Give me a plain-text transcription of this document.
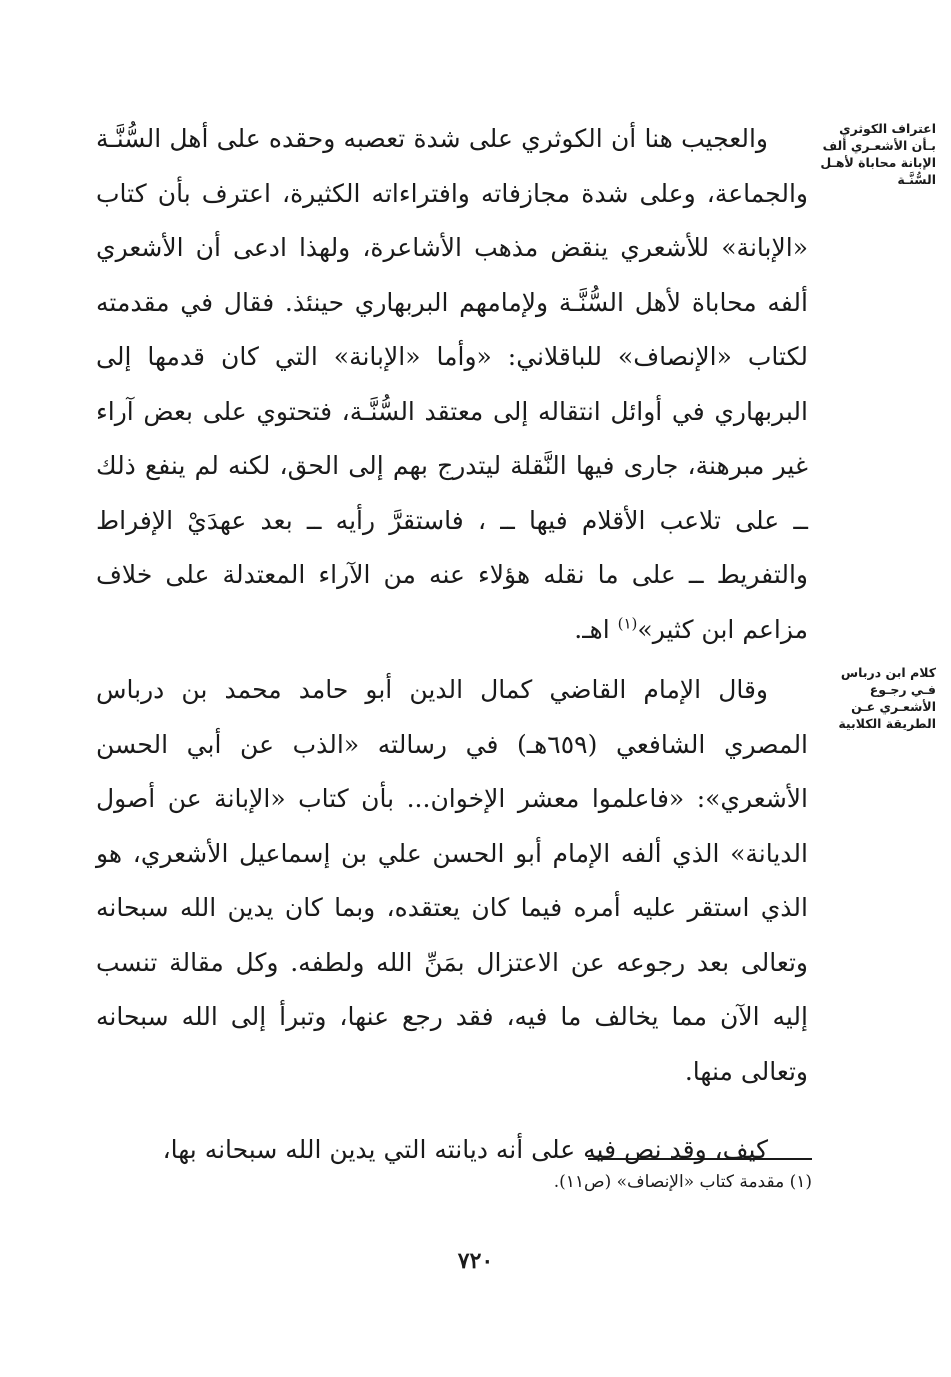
اعتراف الكوثري بـأن الأشعـري ألف الإبانة محاباة لأهـل السُّنَّـة
كلام ابن درباس فـي رجـوع الأشعـري عـن الطريقة الكلابية

والعجيب هنا أن الكوثري على شدة تعصبه وحقده على أهل السُّنَّـة والجماعة، وعلى شدة مجازفاته وافتراءاته الكثيرة، اعترف بأن كتاب «الإبانة» للأشعري ينقض مذهب الأشاعرة، ولهذا ادعى أن الأشعري ألفه محاباة لأهل السُّنَّـة ولإمامهم البربهاري حينئذ. فقال في مقدمته لكتاب «الإنصاف» للباقلاني: «وأما «الإبانة» التي كان قدمها إلى البربهاري في أوائل انتقاله إلى معتقد السُّنَّـة، فتحتوي على بعض آراء غير مبرهنة، جارى فيها النَّقلة ليتدرج بهم إلى الحق، لكنه لم ينفع ذلك ــ على تلاعب الأقلام فيها ــ ، فاستقرَّ رأيه ــ بعد عهدَيْ الإفراط والتفريط ــ على ما نقله هؤلاء عنه من الآراء المعتدلة على خلاف مزاعم ابن كثير»$^{(١)}$ اهـ.

وقال الإمام القاضي كمال الدين أبو حامد محمد بن درباس المصري الشافعي (٦٥٩هـ) في رسالته «الذب عن أبي الحسن الأشعري»: «فاعلموا معشر الإخوان... بأن كتاب «الإبانة عن أصول الديانة» الذي ألفه الإمام أبو الحسن علي بن إسماعيل الأشعري، هو الذي استقر عليه أمره فيما كان يعتقده، وبما كان يدين الله سبحانه وتعالى بعد رجوعه عن الاعتزال بمَنِّ الله ولطفه. وكل مقالة تنسب إليه الآن مما يخالف ما فيه، فقد رجع عنها، وتبرأ إلى الله سبحانه وتعالى منها.

كيف، وقد نص فيه على أنه ديانته التي يدين الله سبحانه بها،

(١) مقدمة كتاب «الإنصاف» (ص١١).
٧٢٠
